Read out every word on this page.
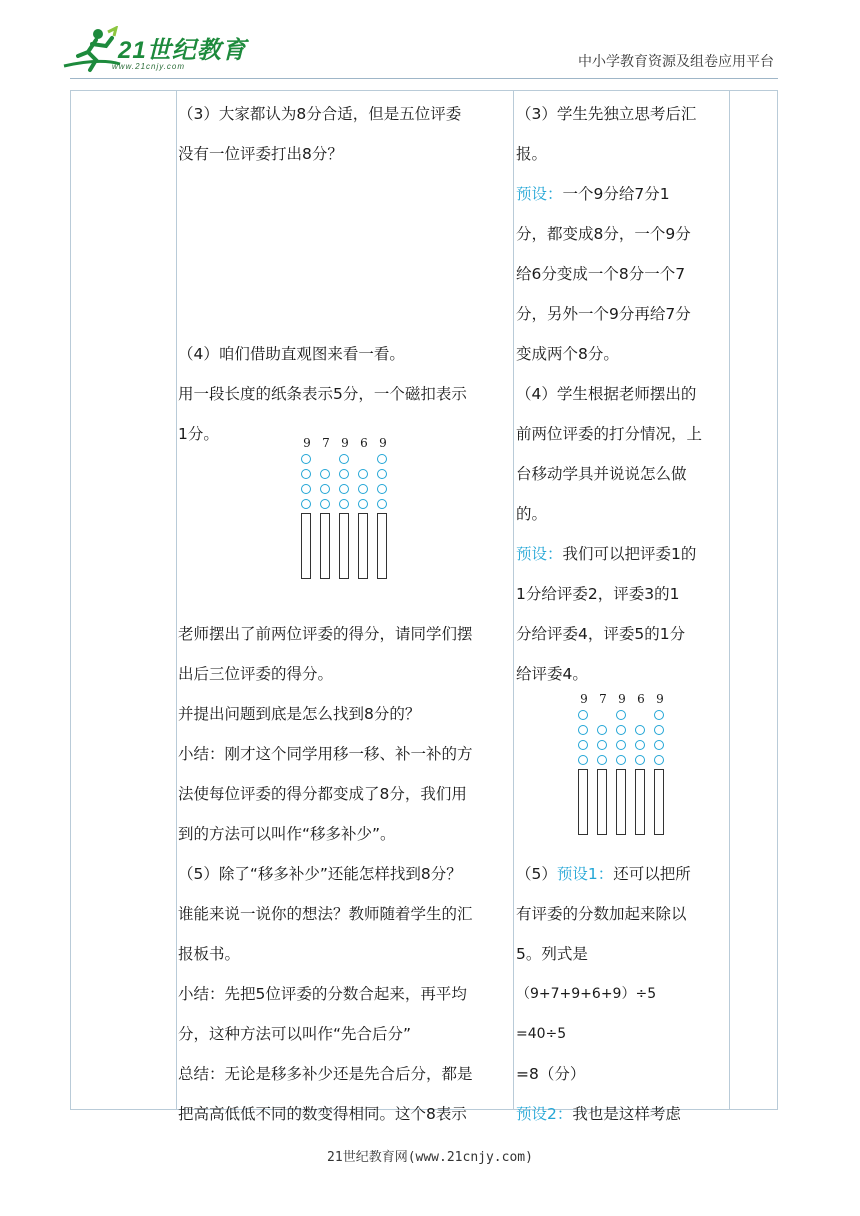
21世纪教育
www.21cnjy.com	中小学教育资源及组卷应用平台
（3）大家都认为8分合适，但是五位评委
没有一位评委打出8分？
（4）咱们借助直观图来看一看。
用一段长度的纸条表示5分，一个磁扣表示
1分。
老师摆出了前两位评委的得分，请同学们摆
出后三位评委的得分。
并提出问题到底是怎么找到8分的？
小结：刚才这个同学用移一移、补一补的方
法使每位评委的得分都变成了8分，我们用
到的方法可以叫作“移多补少”。
（5）除了“移多补少”还能怎样找到8分？
谁能来说一说你的想法？教师随着学生的汇
报板书。
小结：先把5位评委的分数合起来，再平均
分，这种方法可以叫作“先合后分”
总结：无论是移多补少还是先合后分，都是
把高高低低不同的数变得相同。这个8表示
9 7 9 6 9
（3）学生先独立思考后汇
报。
预设：一个9分给7分1
分，都变成8分，一个9分
给6分变成一个8分一个7
分，另外一个9分再给7分
变成两个8分。
（4）学生根据老师摆出的
前两位评委的打分情况，上
台移动学具并说说怎么做
的。
预设：我们可以把评委1的
1分给评委2，评委3的1
分给评委4，评委5的1分
给评委4。
（5）预设1：还可以把所
有评委的分数加起来除以
5。列式是
（9+7+9+6+9）÷5
=40÷5
=8（分）
预设2：我也是这样考虑
9 7 9 6 9
21世纪教育网(www.21cnjy.com)
